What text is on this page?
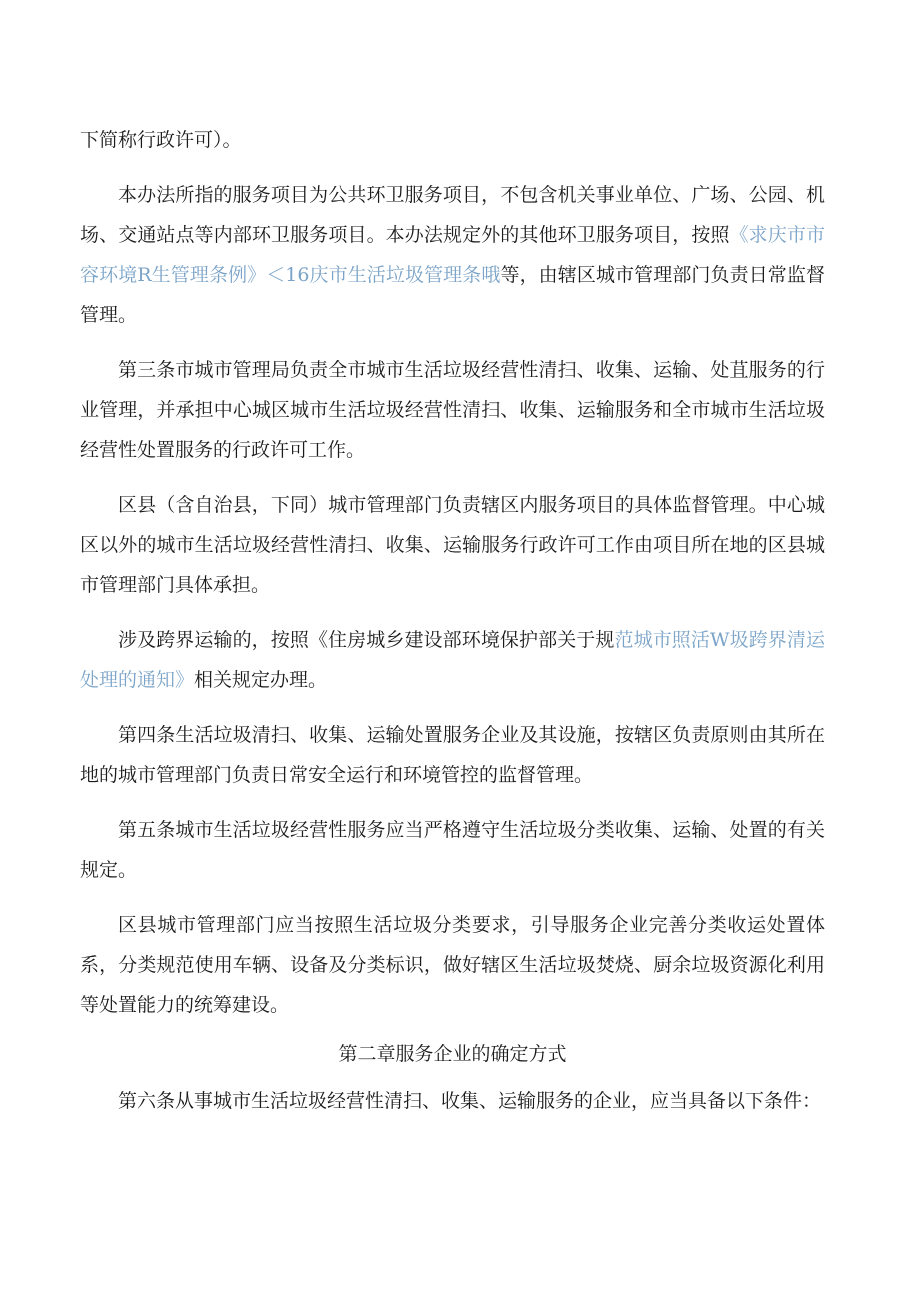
下简称行政许可）。

本办法所指的服务项目为公共环卫服务项目，不包含机关事业单位、广场、公园、机场、交通站点等内部环卫服务项目。本办法规定外的其他环卫服务项目，按照《求庆市市容环境R生管理条例》＜16庆市生活垃圾管理条哦等，由辖区城市管理部门负责日常监督管理。

第三条市城市管理局负责全市城市生活垃圾经营性清扫、收集、运输、处苴服务的行业管理，并承担中心城区城市生活垃圾经营性清扫、收集、运输服务和全市城市生活垃圾经营性处置服务的行政许可工作。

区县（含自治县，下同）城市管理部门负责辖区内服务项目的具体监督管理。中心城区以外的城市生活垃圾经营性清扫、收集、运输服务行政许可工作由项目所在地的区县城市管理部门具体承担。

涉及跨界运输的，按照《住房城乡建设部环境保护部关于规范城市照活W圾跨界清运处理的通知》相关规定办理。

第四条生活垃圾清扫、收集、运输处置服务企业及其设施，按辖区负责原则由其所在地的城市管理部门负责日常安全运行和环境管控的监督管理。

第五条城市生活垃圾经营性服务应当严格遵守生活垃圾分类收集、运输、处置的有关规定。

区县城市管理部门应当按照生活垃圾分类要求，引导服务企业完善分类收运处置体系，分类规范使用车辆、设备及分类标识，做好辖区生活垃圾焚烧、厨余垃圾资源化利用等处置能力的统筹建设。

第二章服务企业的确定方式

第六条从事城市生活垃圾经营性清扫、收集、运输服务的企业，应当具备以下条件：
